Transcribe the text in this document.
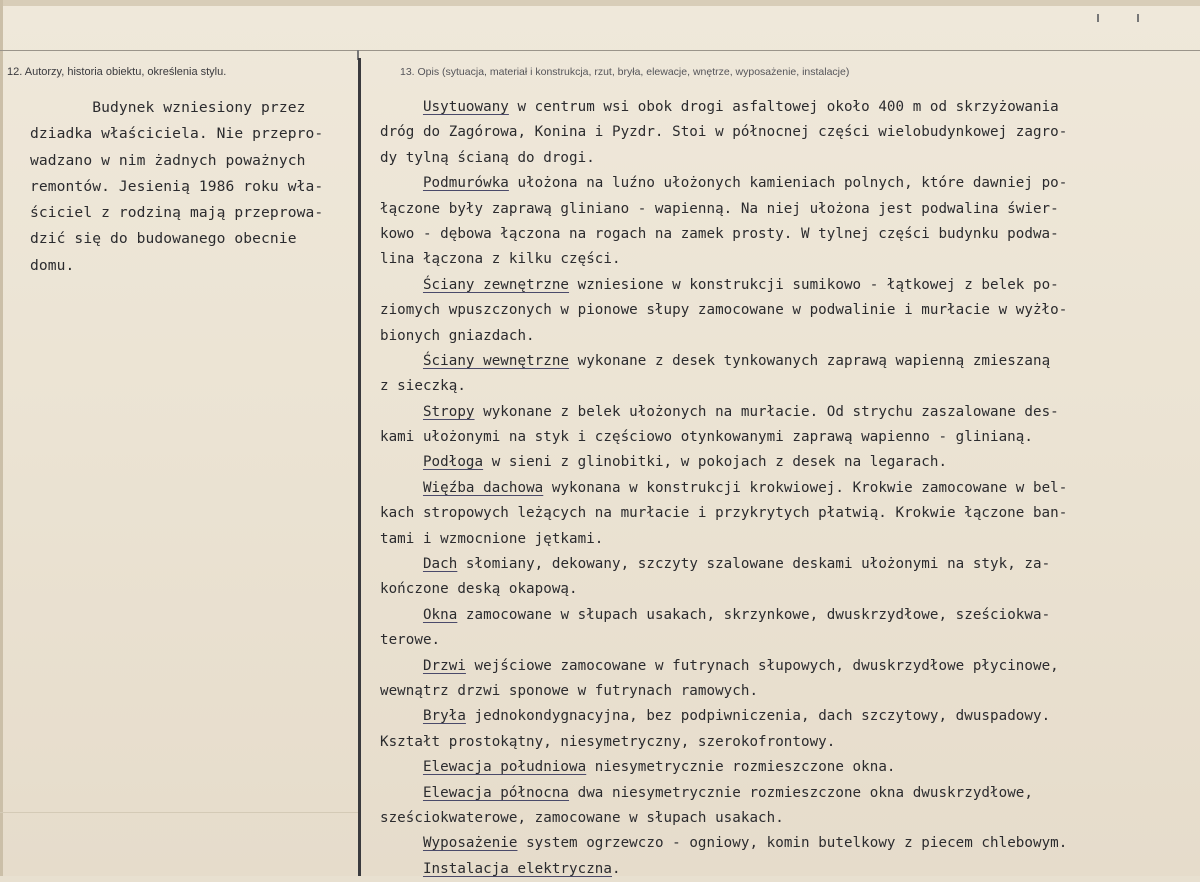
12. Autorzy, historia obiektu, określenia stylu.	13. Opis (sytuacja, materiał i konstrukcja, rzut, bryła, elewacje, wnętrze, wyposażenie, instalacje)
Budynek wzniesiony przez
dziadka właściciela. Nie przepro-
wadzano w nim żadnych poważnych
remontów. Jesienią 1986 roku wła-
ściciel z rodziną mają przeprowa-
dzić się do budowanego obecnie
domu.
Usytuowany w centrum wsi obok drogi asfaltowej około 400 m od skrzyżowania
dróg do Zagórowa, Konina i Pyzdr. Stoi w północnej części wielobudynkowej zagro-
dy tylną ścianą do drogi.
Podmurówka ułożona na luźno ułożonych kamieniach polnych, które dawniej po-
łączone były zaprawą gliniano - wapienną. Na niej ułożona jest podwalina świer-
kowo - dębowa łączona na rogach na zamek prosty. W tylnej części budynku podwa-
lina łączona z kilku części.
Ściany zewnętrzne wzniesione w konstrukcji sumikowo - łątkowej z belek po-
ziomych wpuszczonych w pionowe słupy zamocowane w podwalinie i murłacie w wyżło-
bionych gniazdach.
Ściany wewnętrzne wykonane z desek tynkowanych zaprawą wapienną zmieszaną
z sieczką.
Stropy wykonane z belek ułożonych na murłacie. Od strychu zaszalowane des-
kami ułożonymi na styk i częściowo otynkowanymi zaprawą wapienno - glinianą.
Podłoga w sieni z glinobitki, w pokojach z desek na legarach.
Więźba dachowa wykonana w konstrukcji krokwiowej. Krokwie zamocowane w bel-
kach stropowych leżących na murłacie i przykrytych płatwią. Krokwie łączone ban-
tami i wzmocnione jętkami.
Dach słomiany, dekowany, szczyty szalowane deskami ułożonymi na styk, za-
kończone deską okapową.
Okna zamocowane w słupach usakach, skrzynkowe, dwuskrzydłowe, sześciokwa-
terowe.
Drzwi wejściowe zamocowane w futrynach słupowych, dwuskrzydłowe płycinowe,
wewnątrz drzwi sponowe w futrynach ramowych.
Bryła jednokondygnacyjna, bez podpiwniczenia, dach szczytowy, dwuspadowy.
Kształt prostokątny, niesymetryczny, szerokofrontowy.
Elewacja południowa niesymetrycznie rozmieszczone okna.
Elewacja północna dwa niesymetrycznie rozmieszczone okna dwuskrzydłowe,
sześciokwaterowe, zamocowane w słupach usakach.
Wyposażenie system ogrzewczo - ogniowy, komin butelkowy z piecem chlebowym.
Instalacja elektryczna.
